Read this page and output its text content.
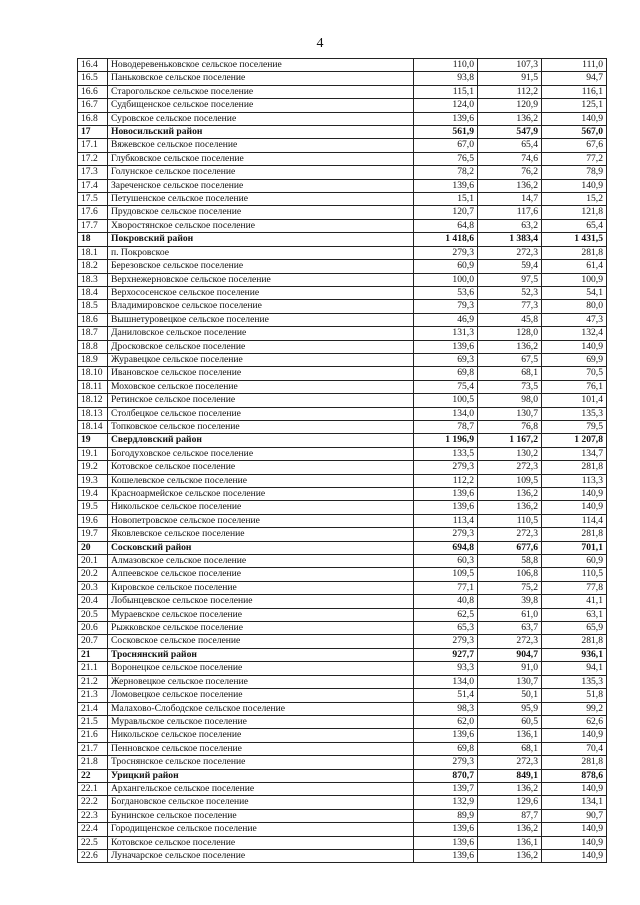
4
16.4	Новодеревеньковское сельское поселение	110,0	107,3	111,0
16.5	Паньковское сельское поселение	93,8	91,5	94,7
16.6	Старогольское сельское поселение	115,1	112,2	116,1
16.7	Судбищенское сельское поселение	124,0	120,9	125,1
16.8	Суровское сельское поселение	139,6	136,2	140,9
17	Новосильский район	561,9	547,9	567,0
17.1	Вяжевское сельское поселение	67,0	65,4	67,6
17.2	Глубковское сельское поселение	76,5	74,6	77,2
17.3	Голунское сельское поселение	78,2	76,2	78,9
17.4	Зареченское сельское поселение	139,6	136,2	140,9
17.5	Петушенское сельское поселение	15,1	14,7	15,2
17.6	Прудовское сельское поселение	120,7	117,6	121,8
17.7	Хворостянское сельское поселение	64,8	63,2	65,4
18	Покровский район	1 418,6	1 383,4	1 431,5
18.1	п. Покровское	279,3	272,3	281,8
18.2	Березовское сельское поселение	60,9	59,4	61,4
18.3	Верхнежерновское сельское поселение	100,0	97,5	100,9
18.4	Верхососенское сельское поселение	53,6	52,3	54,1
18.5	Владимировское сельское поселение	79,3	77,3	80,0
18.6	Вышнетуровецкое сельское поселение	46,9	45,8	47,3
18.7	Даниловское сельское поселение	131,3	128,0	132,4
18.8	Дросковское сельское поселение	139,6	136,2	140,9
18.9	Журавецкое сельское поселение	69,3	67,5	69,9
18.10	Ивановское сельское поселение	69,8	68,1	70,5
18.11	Моховское сельское поселение	75,4	73,5	76,1
18.12	Ретинское сельское поселение	100,5	98,0	101,4
18.13	Столбецкое сельское поселение	134,0	130,7	135,3
18.14	Топковское сельское поселение	78,7	76,8	79,5
19	Свердловский район	1 196,9	1 167,2	1 207,8
19.1	Богодуховское сельское поселение	133,5	130,2	134,7
19.2	Котовское сельское поселение	279,3	272,3	281,8
19.3	Кошелевское сельское поселение	112,2	109,5	113,3
19.4	Красноармейское сельское поселение	139,6	136,2	140,9
19.5	Никольское сельское поселение	139,6	136,2	140,9
19.6	Новопетровское сельское поселение	113,4	110,5	114,4
19.7	Яковлевское сельское поселение	279,3	272,3	281,8
20	Сосковский район	694,8	677,6	701,1
20.1	Алмазовское сельское поселение	60,3	58,8	60,9
20.2	Алпеевское сельское поселение	109,5	106,8	110,5
20.3	Кировское сельское поселение	77,1	75,2	77,8
20.4	Лобынцевское сельское поселение	40,8	39,8	41,1
20.5	Мураевское сельское поселение	62,5	61,0	63,1
20.6	Рыжковское сельское поселение	65,3	63,7	65,9
20.7	Сосковское сельское поселение	279,3	272,3	281,8
21	Троснянский район	927,7	904,7	936,1
21.1	Воронецкое сельское поселение	93,3	91,0	94,1
21.2	Жерновецкое сельское поселение	134,0	130,7	135,3
21.3	Ломовецкое сельское поселение	51,4	50,1	51,8
21.4	Малахово-Слободское сельское поселение	98,3	95,9	99,2
21.5	Муравльское сельское поселение	62,0	60,5	62,6
21.6	Никольское сельское поселение	139,6	136,1	140,9
21.7	Пенновское сельское поселение	69,8	68,1	70,4
21.8	Троснянское сельское поселение	279,3	272,3	281,8
22	Урицкий район	870,7	849,1	878,6
22.1	Архангельское сельское поселение	139,7	136,2	140,9
22.2	Богдановское сельское поселение	132,9	129,6	134,1
22.3	Бунинское сельское поселение	89,9	87,7	90,7
22.4	Городищенское сельское поселение	139,6	136,2	140,9
22.5	Котовское сельское поселение	139,6	136,1	140,9
22.6	Луначарское сельское поселение	139,6	136,2	140,9
